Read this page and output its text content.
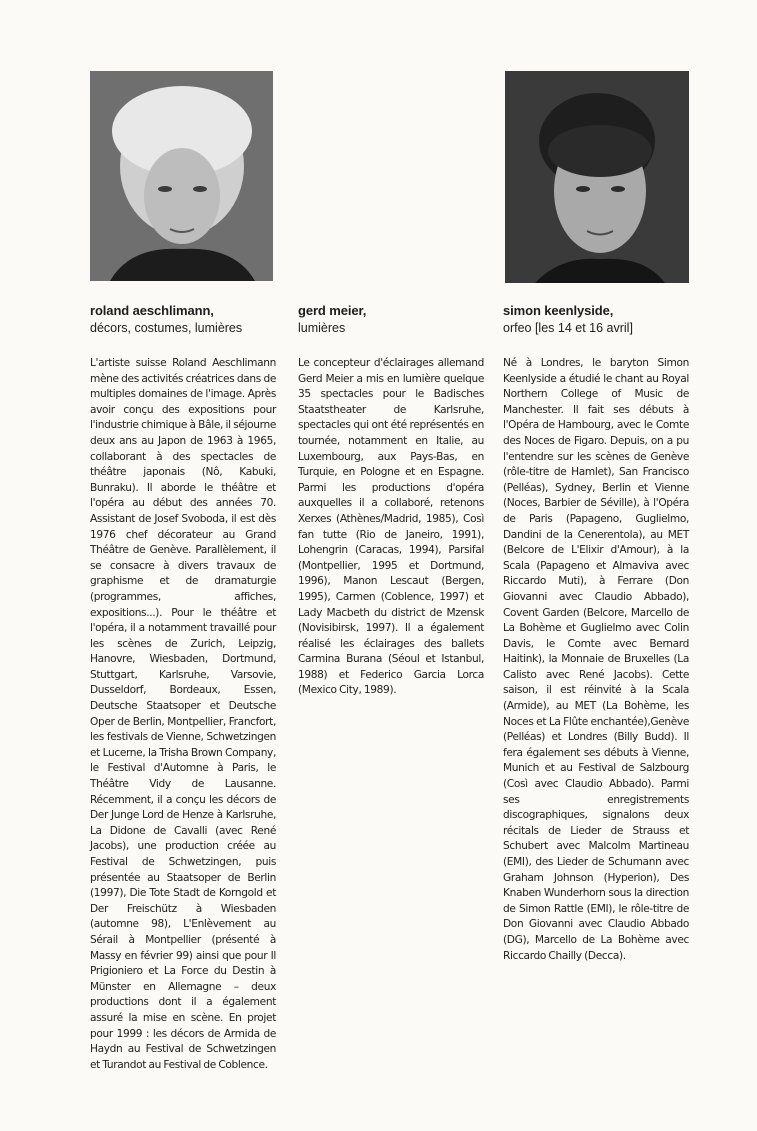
roland aeschlimann,
décors, costumes, lumières
L'artiste suisse Roland Aeschlimann mène des activités créatrices dans de multiples domaines de l'image. Après avoir conçu des expositions pour l'industrie chimique à Bâle, il séjourne deux ans au Japon de 1963 à 1965, collaborant à des spectacles de théâtre japonais (Nô, Kabuki, Bunraku). Il aborde le théâtre et l'opéra au début des années 70. Assistant de Josef Svoboda, il est dès 1976 chef décorateur au Grand Théâtre de Genève. Parallèlement, il se consacre à divers travaux de graphisme et de dramaturgie (programmes, affiches, expositions...). Pour le théâtre et l'opéra, il a notamment travaillé pour les scènes de Zurich, Leipzig, Hanovre, Wiesbaden, Dortmund, Stuttgart, Karlsruhe, Varsovie, Dusseldorf, Bordeaux, Essen, Deutsche Staatsoper et Deutsche Oper de Berlin, Montpellier, Francfort, les festivals de Vienne, Schwetzingen et Lucerne, la Trisha Brown Company, le Festival d'Automne à Paris, le Théâtre Vidy de Lausanne. Récemment, il a conçu les décors de Der Junge Lord de Henze à Karlsruhe, La Didone de Cavalli (avec René Jacobs), une production créée au Festival de Schwetzingen, puis présentée au Staatsoper de Berlin (1997), Die Tote Stadt de Korngold et Der Freischütz à Wiesbaden (automne 98), L'Enlèvement au Sérail à Montpellier (présenté à Massy en février 99) ainsi que pour Il Prigioniero et La Force du Destin à Münster en Allemagne – deux productions dont il a également assuré la mise en scène. En projet pour 1999 : les décors de Armida de Haydn au Festival de Schwetzingen et Turandot au Festival de Coblence.
gerd meier,
lumières
Le concepteur d'éclairages allemand Gerd Meier a mis en lumière quelque 35 spectacles pour le Badisches Staatstheater de Karlsruhe, spectacles qui ont été représentés en tournée, notamment en Italie, au Luxembourg, aux Pays-Bas, en Turquie, en Pologne et en Espagne. Parmi les productions d'opéra auxquelles il a collaboré, retenons Xerxes (Athènes/Madrid, 1985), Così fan tutte (Rio de Janeiro, 1991), Lohengrin (Caracas, 1994), Parsifal (Montpellier, 1995 et Dortmund, 1996), Manon Lescaut (Bergen, 1995), Carmen (Coblence, 1997) et Lady Macbeth du district de Mzensk (Novisibirsk, 1997). Il a également réalisé les éclairages des ballets Carmina Burana (Séoul et Istanbul, 1988) et Federico Garcia Lorca (Mexico City, 1989).
simon keenlyside,
orfeo [les 14 et 16 avril]
Né à Londres, le baryton Simon Keenlyside a étudié le chant au Royal Northern College of Music de Manchester. Il fait ses débuts à l'Opéra de Hambourg, avec le Comte des Noces de Figaro. Depuis, on a pu l'entendre sur les scènes de Genève (rôle-titre de Hamlet), San Francisco (Pelléas), Sydney, Berlin et Vienne (Noces, Barbier de Séville), à l'Opéra de Paris (Papageno, Guglielmo, Dandini de la Cenerentola), au MET (Belcore de L'Elixir d'Amour), à la Scala (Papageno et Almaviva avec Riccardo Muti), à Ferrare (Don Giovanni avec Claudio Abbado), Covent Garden (Belcore, Marcello de La Bohème et Guglielmo avec Colin Davis, le Comte avec Bernard Haitink), la Monnaie de Bruxelles (La Calisto avec René Jacobs). Cette saison, il est réinvité à la Scala (Armide), au MET (La Bohème, les Noces et La Flûte enchantée),Genève (Pelléas) et Londres (Billy Budd). Il fera également ses débuts à Vienne, Munich et au Festival de Salzbourg (Così avec Claudio Abbado). Parmi ses enregistrements discographiques, signalons deux récitals de Lieder de Strauss et Schubert avec Malcolm Martineau (EMI), des Lieder de Schumann avec Graham Johnson (Hyperion), Des Knaben Wunderhorn sous la direction de Simon Rattle (EMI), le rôle-titre de Don Giovanni avec Claudio Abbado (DG), Marcello de La Bohème avec Riccardo Chailly (Decca).
